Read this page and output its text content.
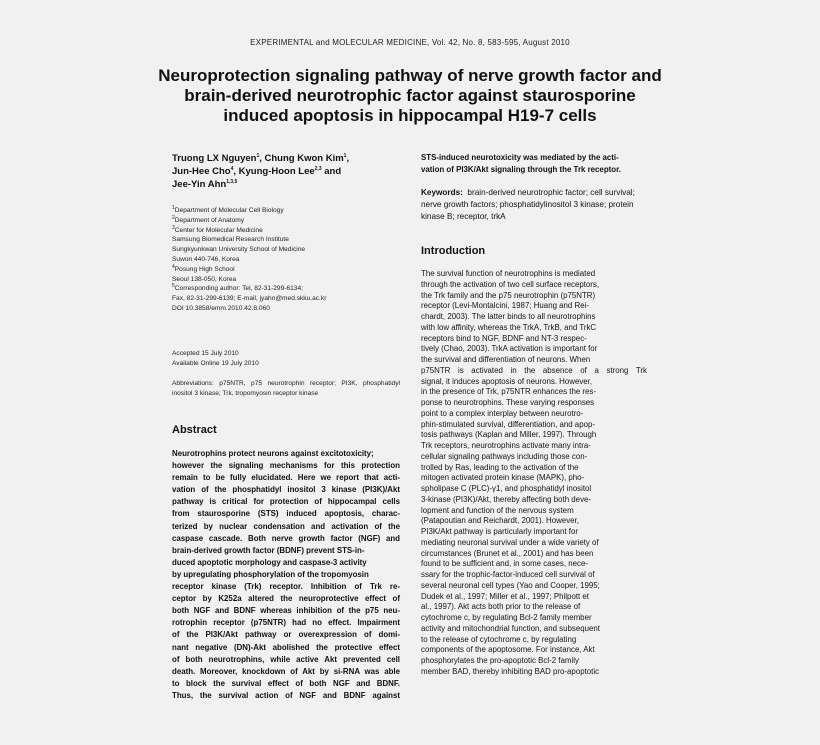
EXPERIMENTAL and MOLECULAR MEDICINE, Vol. 42, No. 8, 583-595, August 2010
Neuroprotection signaling pathway of nerve growth factor and
brain-derived neurotrophic factor against staurosporine
induced apoptosis in hippocampal H19-7 cells
Truong LX Nguyen$^1$, Chung Kwon Kim$^1$,
Jun-Hee Cho$^4$, Kyung-Hoon Lee$^{2,3}$ and
Jee-Yin Ahn$^{1,3,5}$

$^1$Department of Molecular Cell Biology

$^2$Department of Anatomy

$^3$Center for Molecular Medicine

Samsung Biomedical Research Institute

Sungkyunkwan University School of Medicine

Suwon 440-746, Korea

$^4$Posung High School

Seoul 138-050, Korea

$^5$Corresponding author: Tel, 82-31-299-6134;

Fax, 82-31-299-6139; E-mail, jyahn@med.skku.ac.kr

DOI 10.3858/emm.2010.42.8.060

Accepted 15 July 2010

Available Online 19 July 2010

Abbreviations: p75NTR, p75 neurotrophin receptor; PI3K, phosphatidyl inositol 3 kinase; Trk, tropomyosin receptor kinase
Abstract
Neurotrophins protect neurons against excitotoxicity;
however the signaling mechanisms for this protection
remain to be fully elucidated. Here we report that acti-
vation of the phosphatidyl inositol 3 kinase (PI3K)/Akt
pathway is critical for protection of hippocampal cells
from staurosporine (STS) induced apoptosis, charac-
terized by nuclear condensation and activation of the
caspase cascade. Both nerve growth factor (NGF) and
brain-derived growth factor (BDNF) prevent STS-in-
duced apoptotic morphology and caspase-3 activity
by upregulating phosphorylation of the tropomyosin
receptor kinase (Trk) receptor. Inhibition of Trk re-
ceptor by K252a altered the neuroprotective effect of
both NGF and BDNF whereas inhibition of the p75 neu-
rotrophin receptor (p75NTR) had no effect. Impairment
of the PI3K/Akt pathway or overexpression of domi-
nant negative (DN)-Akt abolished the protective effect
of both neurotrophins, while active Akt prevented cell
death. Moreover, knockdown of Akt by si-RNA was able
to block the survival effect of both NGF and BDNF.
Thus, the survival action of NGF and BDNF against
STS-induced neurotoxicity was mediated by the acti-
vation of PI3K/Akt signaling through the Trk receptor.
Keywords: brain-derived neurotrophic factor; cell survival; nerve growth factors; phosphatidylinositol 3 kinase; protein kinase B; receptor, trkA
Introduction
The survival function of neurotrophins is mediated
through the activation of two cell surface receptors,
the Trk family and the p75 neurotrophin (p75NTR)
receptor (Levi-Montalcini, 1987; Huang and Rei-
chardt, 2003). The latter binds to all neurotrophins
with low affinity, whereas the TrkA, TrkB, and TrkC
receptors bind to NGF, BDNF and NT-3 respec-
tively (Chao, 2003). TrkA activation is important for
the survival and differentiation of neurons. When
p75NTR is activated in the absence of a strong Trk
signal, it induces apoptosis of neurons. However,
in the presence of Trk, p75NTR enhances the res-
ponse to neurotrophins. These varying responses
point to a complex interplay between neurotro-
phin-stimulated survival, differentiation, and apop-
tosis pathways (Kaplan and Miller, 1997). Through
Trk receptors, neurotrophins activate many intra-
cellular signaling pathways including those con-
trolled by Ras, leading to the activation of the
mitogen activated protein kinase (MAPK), pho-
spholipase C (PLC)-γ1, and phosphatidyl inositol
3-kinase (PI3K)/Akt, thereby affecting both deve-
lopment and function of the nervous system
(Patapoutian and Reichardt, 2001). However,
PI3K/Akt pathway is particularly important for
mediating neuronal survival under a wide variety of
circumstances (Brunet et al., 2001) and has been
found to be sufficient and, in some cases, nece-
ssary for the trophic-factor-induced cell survival of
several neuronal cell types (Yao and Cooper, 1995;
Dudek et al., 1997; Miller et al., 1997; Philpott et
al., 1997). Akt acts both prior to the release of
cytochrome c, by regulating Bcl-2 family member
activity and mitochondrial function, and subsequent
to the release of cytochrome c, by regulating
components of the apoptosome. For instance, Akt
phosphorylates the pro-apoptotic Bcl-2 family
member BAD, thereby inhibiting BAD pro-apoptotic
